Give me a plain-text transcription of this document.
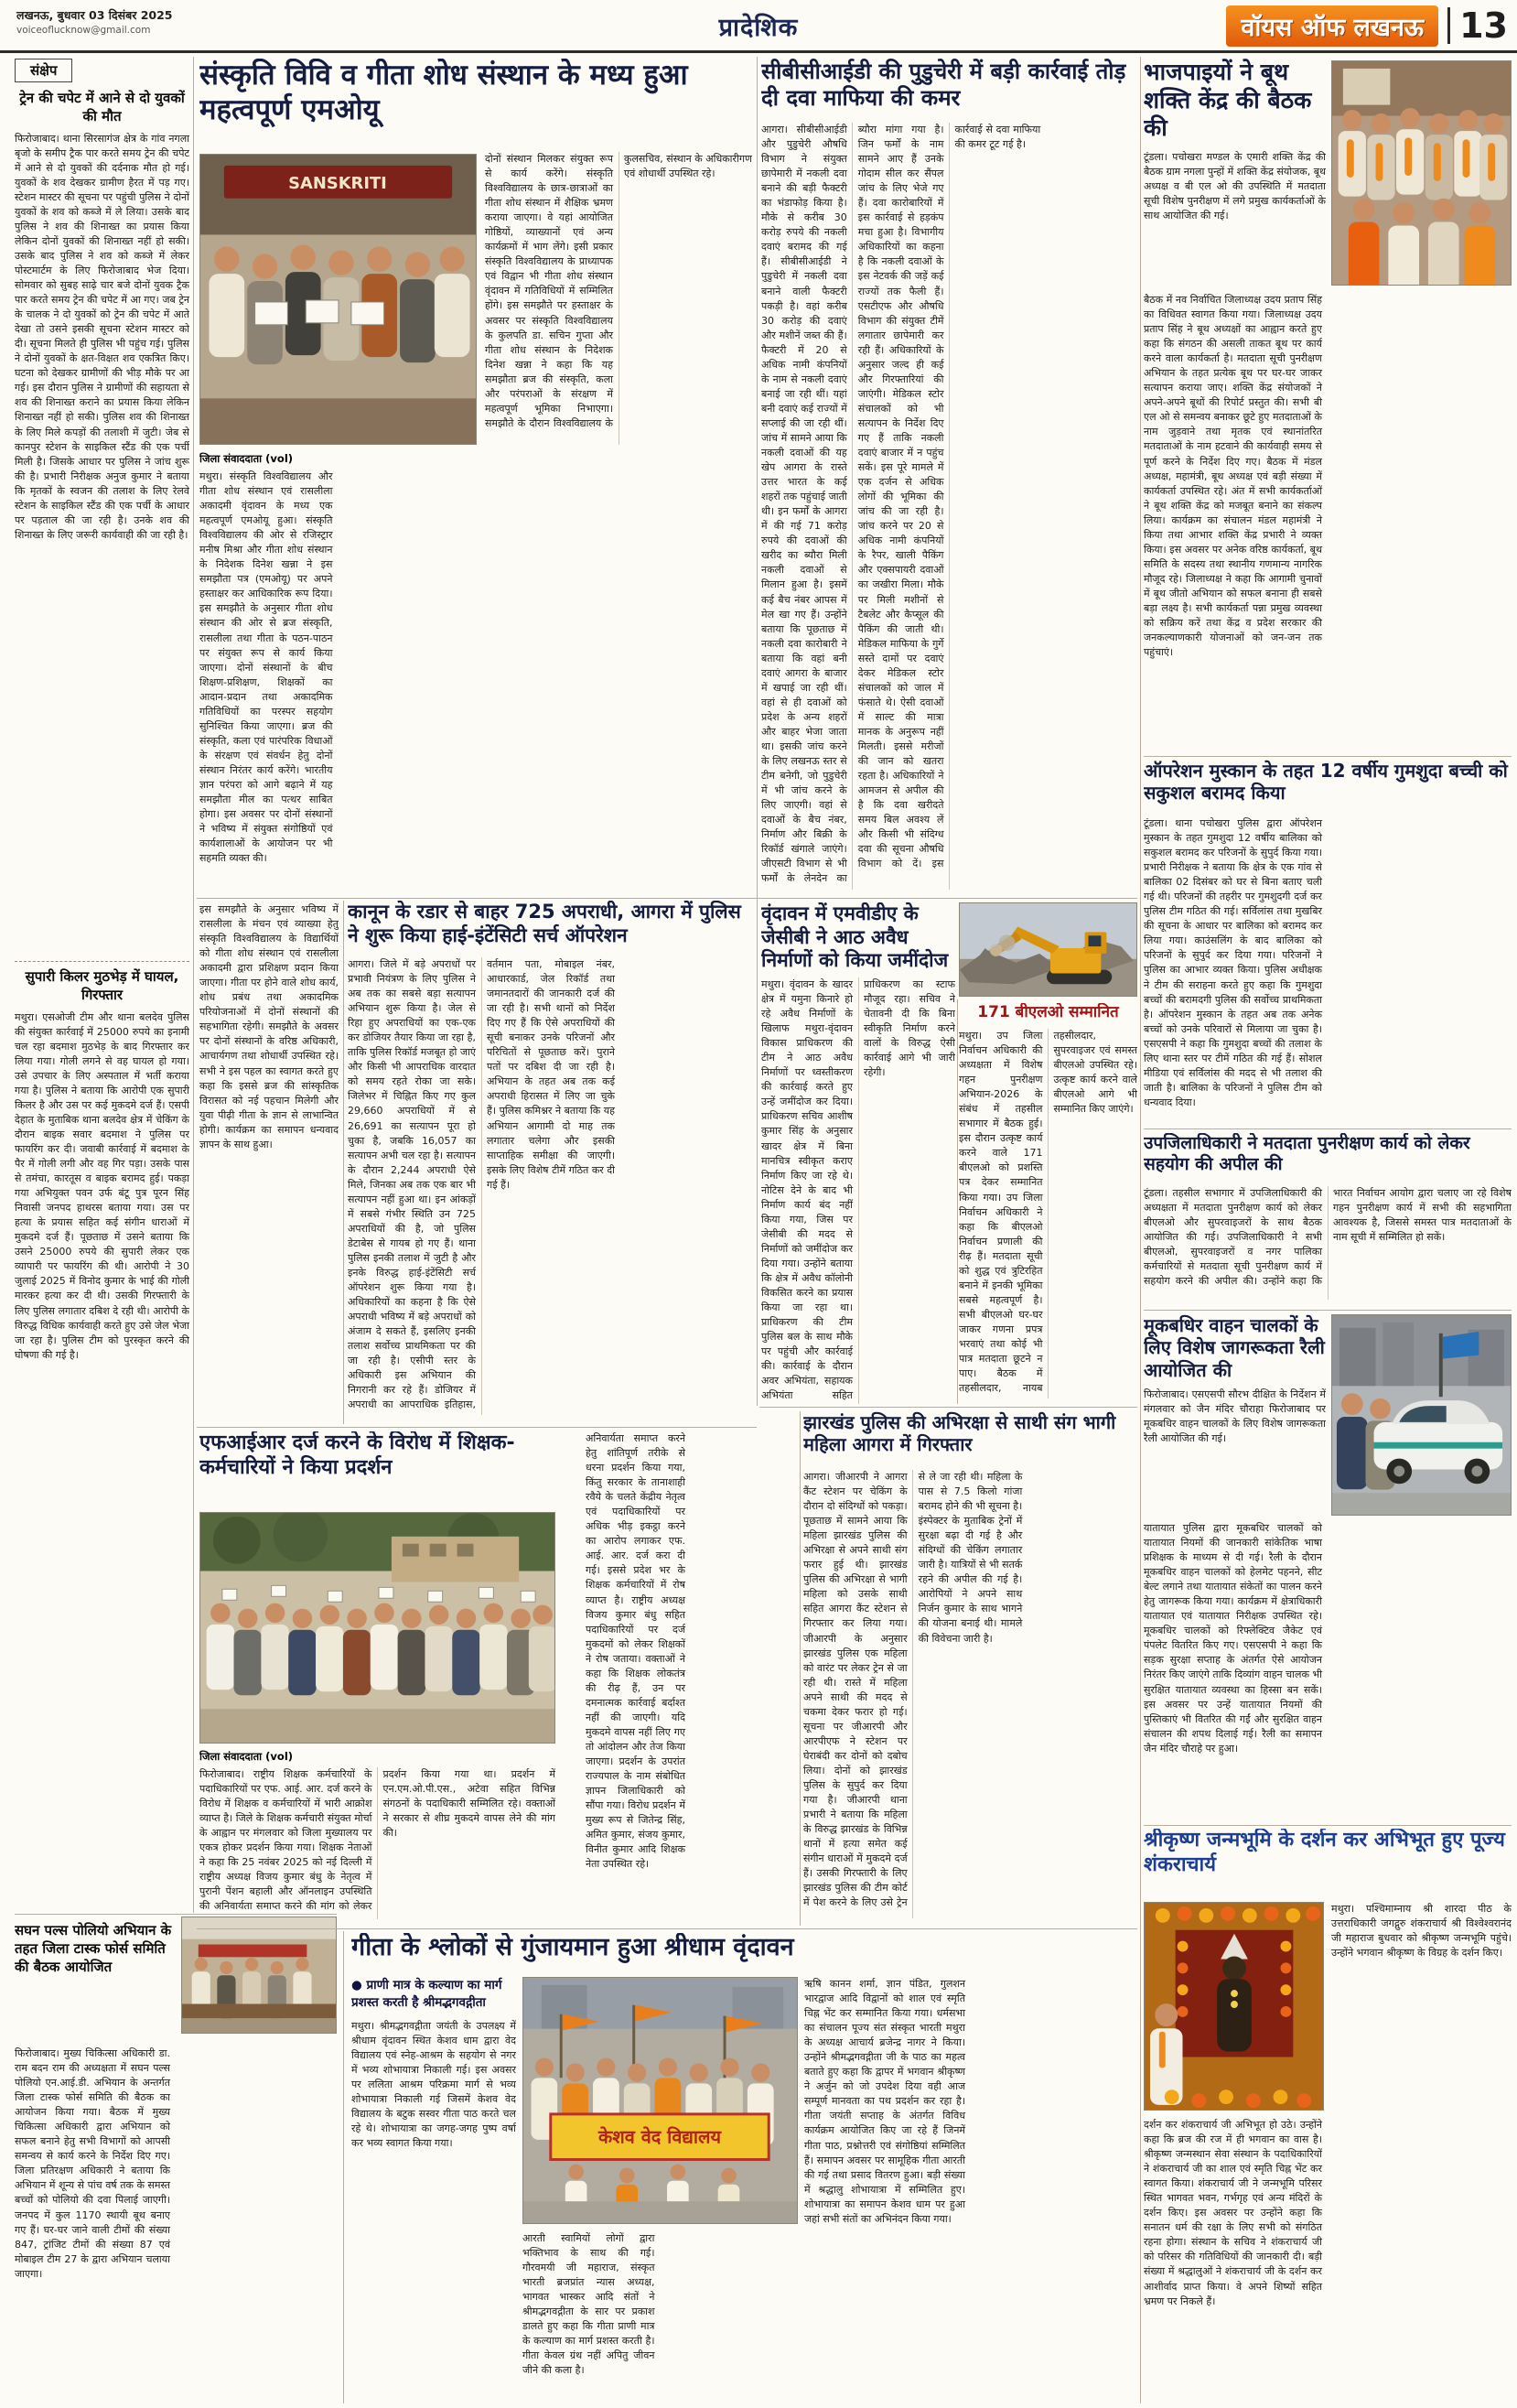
लखनऊ, बुधवार 03 दिसंबर 2025
voiceoflucknow@gmail.com	प्रादेशिक	वॉयस ऑफ लखनऊ	13
संक्षेप
ट्रेन की चपेट में आने से दो युवकों की मौत
फिरोजाबाद। थाना सिरसागंज क्षेत्र के गांव नगला बृजो के समीप ट्रैक पार करते समय ट्रेन की चपेट में आने से दो युवकों की दर्दनाक मौत हो गई। युवकों के शव देखकर ग्रामीण हैरत में पड़ गए। स्टेशन मास्टर की सूचना पर पहुंची पुलिस ने दोनों युवकों के शव को कब्जे में ले लिया। उसके बाद पुलिस ने शव की शिनाख्त का प्रयास किया लेकिन दोनों युवकों की शिनाख्त नहीं हो सकी। उसके बाद पुलिस ने शव को कब्जे में लेकर पोस्टमार्टम के लिए फिरोजाबाद भेज दिया। सोमवार को सुबह साढ़े चार बजे दोनों युवक ट्रैक पार करते समय ट्रेन की चपेट में आ गए। जब ट्रेन के चालक ने दो युवकों को ट्रेन की चपेट में आते देखा तो उसने इसकी सूचना स्टेशन मास्टर को दी। सूचना मिलते ही पुलिस भी पहुंच गई। पुलिस ने दोनों युवकों के क्षत-विक्षत शव एकत्रित किए। घटना को देखकर ग्रामीणों की भीड़ मौके पर आ गई। इस दौरान पुलिस ने ग्रामीणों की सहायता से शव की शिनाख्त कराने का प्रयास किया लेकिन शिनाख्त नहीं हो सकी। पुलिस शव की शिनाख्त के लिए मिले कपड़ों की तलाशी में जुटी। जेब से कानपुर स्टेशन के साइकिल स्टैंड की एक पर्ची मिली है। जिसके आधार पर पुलिस ने जांच शुरू की है। प्रभारी निरीक्षक अनुज कुमार ने बताया कि मृतकों के स्वजन की तलाश के लिए रेलवे स्टेशन के साइकिल स्टैंड की एक पर्ची के आधार पर पड़ताल की जा रही है। उनके शव की शिनाख्त के लिए जरूरी कार्यवाही की जा रही है।
सुपारी किलर मुठभेड़ में घायल, गिरफ्तार
मथुरा। एसओजी टीम और थाना बलदेव पुलिस की संयुक्त कार्रवाई में 25000 रुपये का इनामी चल रहा बदमाश मुठभेड़ के बाद गिरफ्तार कर लिया गया। गोली लगने से वह घायल हो गया। उसे उपचार के लिए अस्पताल में भर्ती कराया गया है। पुलिस ने बताया कि आरोपी एक सुपारी किलर है और उस पर कई मुकदमे दर्ज हैं। एसपी देहात के मुताबिक थाना बलदेव क्षेत्र में चेकिंग के दौरान बाइक सवार बदमाश ने पुलिस पर फायरिंग कर दी। जवाबी कार्रवाई में बदमाश के पैर में गोली लगी और वह गिर पड़ा। उसके पास से तमंचा, कारतूस व बाइक बरामद हुई। पकड़ा गया अभियुक्त पवन उर्फ बंटू पुत्र पूरन सिंह निवासी जनपद हाथरस बताया गया। उस पर हत्या के प्रयास सहित कई संगीन धाराओं में मुकदमे दर्ज हैं। पूछताछ में उसने बताया कि उसने 25000 रुपये की सुपारी लेकर एक व्यापारी पर फायरिंग की थी। आरोपी ने 30 जुलाई 2025 में विनोद कुमार के भाई की गोली मारकर हत्या कर दी थी। उसकी गिरफ्तारी के लिए पुलिस लगातार दबिश दे रही थी। आरोपी के विरुद्ध विधिक कार्यवाही करते हुए उसे जेल भेजा जा रहा है। पुलिस टीम को पुरस्कृत करने की घोषणा की गई है।
सघन पल्स पोलियो अभियान के तहत जिला टास्क फोर्स समिति की बैठक आयोजित
फिरोजाबाद। मुख्य चिकित्सा अधिकारी डा. राम बदन राम की अध्यक्षता में सघन पल्स पोलियो एन.आई.डी. अभियान के अन्तर्गत जिला टास्क फोर्स समिति की बैठक का आयोजन किया गया। बैठक में मुख्य चिकित्सा अधिकारी द्वारा अभियान को सफल बनाने हेतु सभी विभागों को आपसी समन्वय से कार्य करने के निर्देश दिए गए। जिला प्रतिरक्षण अधिकारी ने बताया कि अभियान में शून्य से पांच वर्ष तक के समस्त बच्चों को पोलियो की दवा पिलाई जाएगी। जनपद में कुल 1170 स्थायी बूथ बनाए गए हैं। घर-घर जाने वाली टीमों की संख्या 847, ट्रांजिट टीमों की संख्या 87 एवं मोबाइल टीम 27 के द्वारा अभियान चलाया जाएगा।
संस्कृति विवि व गीता शोध संस्थान के मध्य हुआ महत्वपूर्ण एमओयू
SANSKRITI
दोनों संस्थान मिलकर संयुक्त रूप से कार्य करेंगे। संस्कृति विश्वविद्यालय के छात्र-छात्राओं का गीता शोध संस्थान में शैक्षिक भ्रमण कराया जाएगा। वे यहां आयोजित गोष्ठियों, व्याख्यानों एवं अन्य कार्यक्रमों में भाग लेंगे। इसी प्रकार संस्कृति विश्वविद्यालय के प्राध्यापक एवं विद्वान भी गीता शोध संस्थान वृंदावन में गतिविधियों में सम्मिलित होंगे। इस समझौते पर हस्ताक्षर के अवसर पर संस्कृति विश्वविद्यालय के कुलपति डा. सचिन गुप्ता और गीता शोध संस्थान के निदेशक दिनेश खन्ना ने कहा कि यह समझौता ब्रज की संस्कृति, कला और परंपराओं के संरक्षण में महत्वपूर्ण भूमिका निभाएगा। समझौते के दौरान विश्वविद्यालय के कुलसचिव, संस्थान के अधिकारीगण एवं शोधार्थी उपस्थित रहे।
जिला संवाददाता (vol)
मथुरा। संस्कृति विश्वविद्यालय और गीता शोध संस्थान एवं रासलीला अकादमी वृंदावन के मध्य एक महत्वपूर्ण एमओयू हुआ। संस्कृति विश्वविद्यालय की ओर से रजिस्ट्रार मनीष मिश्रा और गीता शोध संस्थान के निदेशक दिनेश खन्ना ने इस समझौता पत्र (एमओयू) पर अपने हस्ताक्षर कर आधिकारिक रूप दिया। इस समझौते के अनुसार गीता शोध संस्थान की ओर से ब्रज संस्कृति, रासलीला तथा गीता के पठन-पाठन पर संयुक्त रूप से कार्य किया जाएगा। दोनों संस्थानों के बीच शिक्षण-प्रशिक्षण, शिक्षकों का आदान-प्रदान तथा अकादमिक गतिविधियों का परस्पर सहयोग सुनिश्चित किया जाएगा। ब्रज की संस्कृति, कला एवं पारंपरिक विधाओं के संरक्षण एवं संवर्धन हेतु दोनों संस्थान निरंतर कार्य करेंगे। भारतीय ज्ञान परंपरा को आगे बढ़ाने में यह समझौता मील का पत्थर साबित होगा। इस अवसर पर दोनों संस्थानों ने भविष्य में संयुक्त संगोष्ठियों एवं कार्यशालाओं के आयोजन पर भी सहमति व्यक्त की।
इस समझौते के अनुसार भविष्य में रासलीला के मंचन एवं व्याख्या हेतु संस्कृति विश्वविद्यालय के विद्यार्थियों को गीता शोध संस्थान एवं रासलीला अकादमी द्वारा प्रशिक्षण प्रदान किया जाएगा। गीता पर होने वाले शोध कार्य, शोध प्रबंध तथा अकादमिक परियोजनाओं में दोनों संस्थानों की सहभागिता रहेगी। समझौते के अवसर पर दोनों संस्थानों के वरिष्ठ अधिकारी, आचार्यगण तथा शोधार्थी उपस्थित रहे। सभी ने इस पहल का स्वागत करते हुए कहा कि इससे ब्रज की सांस्कृतिक विरासत को नई पहचान मिलेगी और युवा पीढ़ी गीता के ज्ञान से लाभान्वित होगी। कार्यक्रम का समापन धन्यवाद ज्ञापन के साथ हुआ।
कानून के रडार से बाहर 725 अपराधी, आगरा में पुलिस ने शुरू किया हाई-इंटेंसिटी सर्च ऑपरेशन
आगरा। जिले में बड़े अपराधों पर प्रभावी नियंत्रण के लिए पुलिस ने अब तक का सबसे बड़ा सत्यापन अभियान शुरू किया है। जेल से रिहा हुए अपराधियों का एक-एक कर डोजियर तैयार किया जा रहा है, ताकि पुलिस रिकॉर्ड मजबूत हो जाएं और किसी भी आपराधिक वारदात को समय रहते रोका जा सके। जिलेभर में चिह्नित किए गए कुल 29,660 अपराधियों में से 26,691 का सत्यापन पूरा हो चुका है, जबकि 16,057 का सत्यापन अभी चल रहा है। सत्यापन के दौरान 2,244 अपराधी ऐसे मिले, जिनका अब तक एक बार भी सत्यापन नहीं हुआ था। इन आंकड़ों में सबसे गंभीर स्थिति उन 725 अपराधियों की है, जो पुलिस डेटाबेस से गायब हो गए हैं। थाना पुलिस इनकी तलाश में जुटी है और इनके विरुद्ध हाई-इंटेंसिटी सर्च ऑपरेशन शुरू किया गया है। अधिकारियों का कहना है कि ऐसे अपराधी भविष्य में बड़े अपराधों को अंजाम दे सकते हैं, इसलिए इनकी तलाश सर्वोच्च प्राथमिकता पर की जा रही है। एसीपी स्तर के अधिकारी इस अभियान की निगरानी कर रहे हैं। डोजियर में अपराधी का आपराधिक इतिहास, वर्तमान पता, मोबाइल नंबर, आधारकार्ड, जेल रिकॉर्ड तथा जमानतदारों की जानकारी दर्ज की जा रही है। सभी थानों को निर्देश दिए गए हैं कि ऐसे अपराधियों की सूची बनाकर उनके परिजनों और परिचितों से पूछताछ करें। पुराने पतों पर दबिश दी जा रही है। अभियान के तहत अब तक कई अपराधी हिरासत में लिए जा चुके हैं। पुलिस कमिश्नर ने बताया कि यह अभियान आगामी दो माह तक लगातार चलेगा और इसकी साप्ताहिक समीक्षा की जाएगी। इसके लिए विशेष टीमें गठित कर दी गई हैं।
सीबीसीआईडी की पुडुचेरी में बड़ी कार्रवाई तोड़ दी दवा माफिया की कमर
आगरा। सीबीसीआईडी और पुडुचेरी औषधि विभाग ने संयुक्त छापेमारी में नकली दवा बनाने की बड़ी फैक्टरी का भंडाफोड़ किया है। मौके से करीब 30 करोड़ रुपये की नकली दवाएं बरामद की गई हैं। सीबीसीआईडी ने पुडुचेरी में नकली दवा बनाने वाली फैक्टरी पकड़ी है। वहां करीब 30 करोड़ की दवाएं और मशीनें जब्त की हैं। फैक्टरी में 20 से अधिक नामी कंपनियों के नाम से नकली दवाएं बनाई जा रही थीं। यहां बनी दवाएं कई राज्यों में सप्लाई की जा रही थीं। जांच में सामने आया कि नकली दवाओं की यह खेप आगरा के रास्ते उत्तर भारत के कई शहरों तक पहुंचाई जाती थी। इन फर्मों के आगरा में की गई 71 करोड़ रुपये की दवाओं की खरीद का ब्यौरा मिली नकली दवाओं से मिलान हुआ है। इसमें कई बैच नंबर आपस में मेल खा गए हैं। उन्होंने बताया कि पूछताछ में नकली दवा कारोबारी ने बताया कि वहां बनी दवाएं आगरा के बाजार में खपाई जा रही थीं। वहां से ही दवाओं को प्रदेश के अन्य शहरों और बाहर भेजा जाता था। इसकी जांच करने के लिए लखनऊ स्तर से टीम बनेगी, जो पुडुचेरी में भी जांच करने के लिए जाएगी। वहां से दवाओं के बैच नंबर, निर्माण और बिक्री के रिकॉर्ड खंगाले जाएंगे। जीएसटी विभाग से भी फर्मों के लेनदेन का ब्यौरा मांगा गया है। जिन फर्मों के नाम सामने आए हैं उनके गोदाम सील कर सैंपल जांच के लिए भेजे गए हैं। दवा कारोबारियों में इस कार्रवाई से हड़कंप मचा हुआ है। विभागीय अधिकारियों का कहना है कि नकली दवाओं के इस नेटवर्क की जड़ें कई राज्यों तक फैली हैं। एसटीएफ और औषधि विभाग की संयुक्त टीमें लगातार छापेमारी कर रही हैं। अधिकारियों के अनुसार जल्द ही कई और गिरफ्तारियां की जाएंगी। मेडिकल स्टोर संचालकों को भी सत्यापन के निर्देश दिए गए हैं ताकि नकली दवाएं बाजार में न पहुंच सकें। इस पूरे मामले में एक दर्जन से अधिक लोगों की भूमिका की जांच की जा रही है। जांच करने पर 20 से अधिक नामी कंपनियों के रैपर, खाली पैकिंग और एक्सपायरी दवाओं का जखीरा मिला। मौके पर मिली मशीनों से टैबलेट और कैप्सूल की पैकिंग की जाती थी। मेडिकल माफिया के गुर्गे सस्ते दामों पर दवाएं देकर मेडिकल स्टोर संचालकों को जाल में फंसाते थे। ऐसी दवाओं में साल्ट की मात्रा मानक के अनुरूप नहीं मिलती। इससे मरीजों की जान को खतरा रहता है। अधिकारियों ने आमजन से अपील की है कि दवा खरीदते समय बिल अवश्य लें और किसी भी संदिग्ध दवा की सूचना औषधि विभाग को दें। इस कार्रवाई से दवा माफिया की कमर टूट गई है।
वृंदावन में एमवीडीए के जेसीबी ने आठ अवैध निर्माणों को किया जमींदोज
मथुरा। वृंदावन के खादर क्षेत्र में यमुना किनारे हो रहे अवैध निर्माणों के खिलाफ मथुरा-वृंदावन विकास प्राधिकरण की टीम ने आठ अवैध निर्माणों पर ध्वस्तीकरण की कार्रवाई करते हुए उन्हें जमींदोज कर दिया। प्राधिकरण सचिव आशीष कुमार सिंह के अनुसार खादर क्षेत्र में बिना मानचित्र स्वीकृत कराए निर्माण किए जा रहे थे। नोटिस देने के बाद भी निर्माण कार्य बंद नहीं किया गया, जिस पर जेसीबी की मदद से निर्माणों को जमींदोज कर दिया गया। उन्होंने बताया कि क्षेत्र में अवैध कॉलोनी विकसित करने का प्रयास किया जा रहा था। प्राधिकरण की टीम पुलिस बल के साथ मौके पर पहुंची और कार्रवाई की। कार्रवाई के दौरान अवर अभियंता, सहायक अभियंता सहित प्राधिकरण का स्टाफ मौजूद रहा। सचिव ने चेतावनी दी कि बिना स्वीकृति निर्माण करने वालों के विरुद्ध ऐसी कार्रवाई आगे भी जारी रहेगी।
171 बीएलओ सम्मानित
मथुरा। उप जिला निर्वाचन अधिकारी की अध्यक्षता में विशेष गहन पुनरीक्षण अभियान-2026 के संबंध में तहसील सभागार में बैठक हुई। इस दौरान उत्कृष्ट कार्य करने वाले 171 बीएलओ को प्रशस्ति पत्र देकर सम्मानित किया गया। उप जिला निर्वाचन अधिकारी ने कहा कि बीएलओ निर्वाचन प्रणाली की रीढ़ हैं। मतदाता सूची को शुद्ध एवं त्रुटिरहित बनाने में इनकी भूमिका सबसे महत्वपूर्ण है। सभी बीएलओ घर-घर जाकर गणना प्रपत्र भरवाएं तथा कोई भी पात्र मतदाता छूटने न पाए। बैठक में तहसीलदार, नायब तहसीलदार, सुपरवाइजर एवं समस्त बीएलओ उपस्थित रहे। उत्कृष्ट कार्य करने वाले बीएलओ आगे भी सम्मानित किए जाएंगे।
झारखंड पुलिस की अभिरक्षा से साथी संग भागी महिला आगरा में गिरफ्तार
आगरा। जीआरपी ने आगरा कैंट स्टेशन पर चेकिंग के दौरान दो संदिग्धों को पकड़ा। पूछताछ में सामने आया कि महिला झारखंड पुलिस की अभिरक्षा से अपने साथी संग फरार हुई थी। झारखंड पुलिस की अभिरक्षा से भागी महिला को उसके साथी सहित आगरा कैंट स्टेशन से गिरफ्तार कर लिया गया। जीआरपी के अनुसार झारखंड पुलिस एक महिला को वारंट पर लेकर ट्रेन से जा रही थी। रास्ते में महिला अपने साथी की मदद से चकमा देकर फरार हो गई। सूचना पर जीआरपी और आरपीएफ ने स्टेशन पर घेराबंदी कर दोनों को दबोच लिया। दोनों को झारखंड पुलिस के सुपुर्द कर दिया गया है। जीआरपी थाना प्रभारी ने बताया कि महिला के विरुद्ध झारखंड के विभिन्न थानों में हत्या समेत कई संगीन धाराओं में मुकदमे दर्ज हैं। उसकी गिरफ्तारी के लिए झारखंड पुलिस की टीम कोर्ट में पेश करने के लिए उसे ट्रेन से ले जा रही थी। महिला के पास से 7.5 किलो गांजा बरामद होने की भी सूचना है। इंस्पेक्टर के मुताबिक ट्रेनों में सुरक्षा बढ़ा दी गई है और संदिग्धों की चेकिंग लगातार जारी है। यात्रियों से भी सतर्क रहने की अपील की गई है। आरोपियों ने अपने साथ निर्जन कुमार के साथ भागने की योजना बनाई थी। मामले की विवेचना जारी है।
एफआईआर दर्ज करने के विरोध में शिक्षक-कर्मचारियों ने किया प्रदर्शन
अनिवार्यता समाप्त करने हेतु शांतिपूर्ण तरीके से धरना प्रदर्शन किया गया, किंतु सरकार के तानाशाही रवैये के चलते केंद्रीय नेतृत्व एवं पदाधिकारियों पर अधिक भीड़ इकट्ठा करने का आरोप लगाकर एफ. आई. आर. दर्ज करा दी गई। इससे प्रदेश भर के शिक्षक कर्मचारियों में रोष व्याप्त है। राष्ट्रीय अध्यक्ष विजय कुमार बंधु सहित पदाधिकारियों पर दर्ज मुकदमों को लेकर शिक्षकों ने रोष जताया। वक्ताओं ने कहा कि शिक्षक लोकतंत्र की रीढ़ हैं, उन पर दमनात्मक कार्रवाई बर्दाश्त नहीं की जाएगी। यदि मुकदमे वापस नहीं लिए गए तो आंदोलन और तेज किया जाएगा। प्रदर्शन के उपरांत राज्यपाल के नाम संबोधित ज्ञापन जिलाधिकारी को सौंपा गया। विरोध प्रदर्शन में मुख्य रूप से जितेन्द्र सिंह, अमित कुमार, संजय कुमार, विनीत कुमार आदि शिक्षक नेता उपस्थित रहे।
जिला संवाददाता (vol)
फिरोजाबाद। राष्ट्रीय शिक्षक कर्मचारियों के पदाधिकारियों पर एफ. आई. आर. दर्ज करने के विरोध में शिक्षक व कर्मचारियों में भारी आक्रोश व्याप्त है। जिले के शिक्षक कर्मचारी संयुक्त मोर्चा के आह्वान पर मंगलवार को जिला मुख्यालय पर एकत्र होकर प्रदर्शन किया गया। शिक्षक नेताओं ने कहा कि 25 नवंबर 2025 को नई दिल्ली में राष्ट्रीय अध्यक्ष विजय कुमार बंधु के नेतृत्व में पुरानी पेंशन बहाली और ऑनलाइन उपस्थिति की अनिवार्यता समाप्त करने की मांग को लेकर प्रदर्शन किया गया था। प्रदर्शन में एन.एम.ओ.पी.एस., अटेवा सहित विभिन्न संगठनों के पदाधिकारी सम्मिलित रहे। वक्ताओं ने सरकार से शीघ्र मुकदमे वापस लेने की मांग की।
गीता के श्लोकों से गुंजायमान हुआ श्रीधाम वृंदावन
● प्राणी मात्र के कल्याण का मार्ग प्रशस्त करती है श्रीमद्भगवद्गीता
मथुरा। श्रीमद्भगवद्गीता जयंती के उपलक्ष्य में श्रीधाम वृंदावन स्थित केशव धाम द्वारा वेद विद्यालय एवं स्नेह-आश्रम के सहयोग से नगर में भव्य शोभायात्रा निकाली गई। इस अवसर पर ललिता आश्रम परिक्रमा मार्ग से भव्य शोभायात्रा निकाली गई जिसमें केशव वेद विद्यालय के बटुक सस्वर गीता पाठ करते चल रहे थे। शोभायात्रा का जगह-जगह पुष्प वर्षा कर भव्य स्वागत किया गया।	केशव वेद विद्यालय
आरती स्वामियों लोगों द्वारा भक्तिभाव के साथ की गई। गौरवमयी जी महाराज, संस्कृत भारती ब्रजप्रांत न्यास अध्यक्ष, भागवत भास्कर आदि संतों ने श्रीमद्भगवद्गीता के सार पर प्रकाश डालते हुए कहा कि गीता प्राणी मात्र के कल्याण का मार्ग प्रशस्त करती है। गीता केवल ग्रंथ नहीं अपितु जीवन जीने की कला है।
ऋषि कानन शर्मा, ज्ञान पंडित, गुलशन भारद्वाज आदि विद्वानों को शाल एवं स्मृति चिह्न भेंट कर सम्मानित किया गया। धर्मसभा का संचालन पूज्य संत संस्कृत भारती मथुरा के अध्यक्ष आचार्य ब्रजेन्द्र नागर ने किया। उन्होंने श्रीमद्भगवद्गीता जी के पाठ का महत्व बताते हुए कहा कि द्वापर में भगवान श्रीकृष्ण ने अर्जुन को जो उपदेश दिया वही आज सम्पूर्ण मानवता का पथ प्रदर्शन कर रहा है। गीता जयंती सप्ताह के अंतर्गत विविध कार्यक्रम आयोजित किए जा रहे हैं जिनमें गीता पाठ, प्रश्नोत्तरी एवं संगोष्ठियां सम्मिलित हैं। समापन अवसर पर सामूहिक गीता आरती की गई तथा प्रसाद वितरण हुआ। बड़ी संख्या में श्रद्धालु शोभायात्रा में सम्मिलित हुए। शोभायात्रा का समापन केशव धाम पर हुआ जहां सभी संतों का अभिनंदन किया गया।
भाजपाइयों ने बूथ शक्ति केंद्र की बैठक की
टूंडला। पचोखरा मण्डल के एमारी शक्ति केंद्र की बैठक ग्राम नगला पुन्हों में शक्ति केंद्र संयोजक, बूथ अध्यक्ष व बी एल ओ की उपस्थिति में मतदाता सूची विशेष पुनरीक्षण में लगे प्रमुख कार्यकर्ताओं के साथ आयोजित की गई।
बैठक में नव निर्वाचित जिलाध्यक्ष उदय प्रताप सिंह का विधिवत स्वागत किया गया। जिलाध्यक्ष उदय प्रताप सिंह ने बूथ अध्यक्षों का आह्वान करते हुए कहा कि संगठन की असली ताकत बूथ पर कार्य करने वाला कार्यकर्ता है। मतदाता सूची पुनरीक्षण अभियान के तहत प्रत्येक बूथ पर घर-घर जाकर सत्यापन कराया जाए। शक्ति केंद्र संयोजकों ने अपने-अपने बूथों की रिपोर्ट प्रस्तुत की। सभी बी एल ओ से समन्वय बनाकर छूटे हुए मतदाताओं के नाम जुड़वाने तथा मृतक एवं स्थानांतरित मतदाताओं के नाम हटवाने की कार्यवाही समय से पूर्ण करने के निर्देश दिए गए। बैठक में मंडल अध्यक्ष, महामंत्री, बूथ अध्यक्ष एवं बड़ी संख्या में कार्यकर्ता उपस्थित रहे। अंत में सभी कार्यकर्ताओं ने बूथ शक्ति केंद्र को मजबूत बनाने का संकल्प लिया। कार्यक्रम का संचालन मंडल महामंत्री ने किया तथा आभार शक्ति केंद्र प्रभारी ने व्यक्त किया। इस अवसर पर अनेक वरिष्ठ कार्यकर्ता, बूथ समिति के सदस्य तथा स्थानीय गणमान्य नागरिक मौजूद रहे। जिलाध्यक्ष ने कहा कि आगामी चुनावों में बूथ जीतो अभियान को सफल बनाना ही सबसे बड़ा लक्ष्य है। सभी कार्यकर्ता पन्ना प्रमुख व्यवस्था को सक्रिय करें तथा केंद्र व प्रदेश सरकार की जनकल्याणकारी योजनाओं को जन-जन तक पहुंचाएं।
ऑपरेशन मुस्कान के तहत 12 वर्षीय गुमशुदा बच्ची को सकुशल बरामद किया
टूंडला। थाना पचोखरा पुलिस द्वारा ऑपरेशन मुस्कान के तहत गुमशुदा 12 वर्षीय बालिका को सकुशल बरामद कर परिजनों के सुपुर्द किया गया। प्रभारी निरीक्षक ने बताया कि क्षेत्र के एक गांव से बालिका 02 दिसंबर को घर से बिना बताए चली गई थी। परिजनों की तहरीर पर गुमशुदगी दर्ज कर पुलिस टीम गठित की गई। सर्विलांस तथा मुखबिर की सूचना के आधार पर बालिका को बरामद कर लिया गया। काउंसलिंग के बाद बालिका को परिजनों के सुपुर्द कर दिया गया। परिजनों ने पुलिस का आभार व्यक्त किया। पुलिस अधीक्षक ने टीम की सराहना करते हुए कहा कि गुमशुदा बच्चों की बरामदगी पुलिस की सर्वोच्च प्राथमिकता है। ऑपरेशन मुस्कान के तहत अब तक अनेक बच्चों को उनके परिवारों से मिलाया जा चुका है। एसएसपी ने कहा कि गुमशुदा बच्चों की तलाश के लिए थाना स्तर पर टीमें गठित की गई हैं। सोशल मीडिया एवं सर्विलांस की मदद से भी तलाश की जाती है। बालिका के परिजनों ने पुलिस टीम को धन्यवाद दिया।
उपजिलाधिकारी ने मतदाता पुनरीक्षण कार्य को लेकर सहयोग की अपील की
टूंडला। तहसील सभागार में उपजिलाधिकारी की अध्यक्षता में मतदाता पुनरीक्षण कार्य को लेकर बीएलओ और सुपरवाइजरों के साथ बैठक आयोजित की गई। उपजिलाधिकारी ने सभी बीएलओ, सुपरवाइजरों व नगर पालिका कर्मचारियों से मतदाता सूची पुनरीक्षण कार्य में सहयोग करने की अपील की। उन्होंने कहा कि भारत निर्वाचन आयोग द्वारा चलाए जा रहे विशेष गहन पुनरीक्षण कार्य में सभी की सहभागिता आवश्यक है, जिससे समस्त पात्र मतदाताओं के नाम सूची में सम्मिलित हो सकें।
मूकबधिर वाहन चालकों के लिए विशेष जागरूकता रैली आयोजित की
फिरोजाबाद। एसएसपी सौरभ दीक्षित के निर्देशन में मंगलवार को जैन मंदिर चौराहा फिरोजाबाद पर मूकबधिर वाहन चालकों के लिए विशेष जागरूकता रैली आयोजित की गई।
यातायात पुलिस द्वारा मूकबधिर चालकों को यातायात नियमों की जानकारी सांकेतिक भाषा प्रशिक्षक के माध्यम से दी गई। रैली के दौरान मूकबधिर वाहन चालकों को हेलमेट पहनने, सीट बेल्ट लगाने तथा यातायात संकेतों का पालन करने हेतु जागरूक किया गया। कार्यक्रम में क्षेत्राधिकारी यातायात एवं यातायात निरीक्षक उपस्थित रहे। मूकबधिर चालकों को रिफ्लेक्टिव जैकेट एवं पंपलेट वितरित किए गए। एसएसपी ने कहा कि सड़क सुरक्षा सप्ताह के अंतर्गत ऐसे आयोजन निरंतर किए जाएंगे ताकि दिव्यांग वाहन चालक भी सुरक्षित यातायात व्यवस्था का हिस्सा बन सकें। इस अवसर पर उन्हें यातायात नियमों की पुस्तिकाएं भी वितरित की गईं और सुरक्षित वाहन संचालन की शपथ दिलाई गई। रैली का समापन जैन मंदिर चौराहे पर हुआ।
श्रीकृष्ण जन्मभूमि के दर्शन कर अभिभूत हुए पूज्य शंकराचार्य
मथुरा। पश्चिमाम्नाय श्री शारदा पीठ के उत्तराधिकारी जगद्गुरु शंकराचार्य श्री विश्वेश्वरानंद जी महाराज बुधवार को श्रीकृष्ण जन्मभूमि पहुंचे। उन्होंने भगवान श्रीकृष्ण के विग्रह के दर्शन किए।
दर्शन कर शंकराचार्य जी अभिभूत हो उठे। उन्होंने कहा कि ब्रज की रज में ही भगवान का वास है। श्रीकृष्ण जन्मस्थान सेवा संस्थान के पदाधिकारियों ने शंकराचार्य जी का शाल एवं स्मृति चिह्न भेंट कर स्वागत किया। शंकराचार्य जी ने जन्मभूमि परिसर स्थित भागवत भवन, गर्भगृह एवं अन्य मंदिरों के दर्शन किए। इस अवसर पर उन्होंने कहा कि सनातन धर्म की रक्षा के लिए सभी को संगठित रहना होगा। संस्थान के सचिव ने शंकराचार्य जी को परिसर की गतिविधियों की जानकारी दी। बड़ी संख्या में श्रद्धालुओं ने शंकराचार्य जी के दर्शन कर आशीर्वाद प्राप्त किया। वे अपने शिष्यों सहित भ्रमण पर निकले हैं।
